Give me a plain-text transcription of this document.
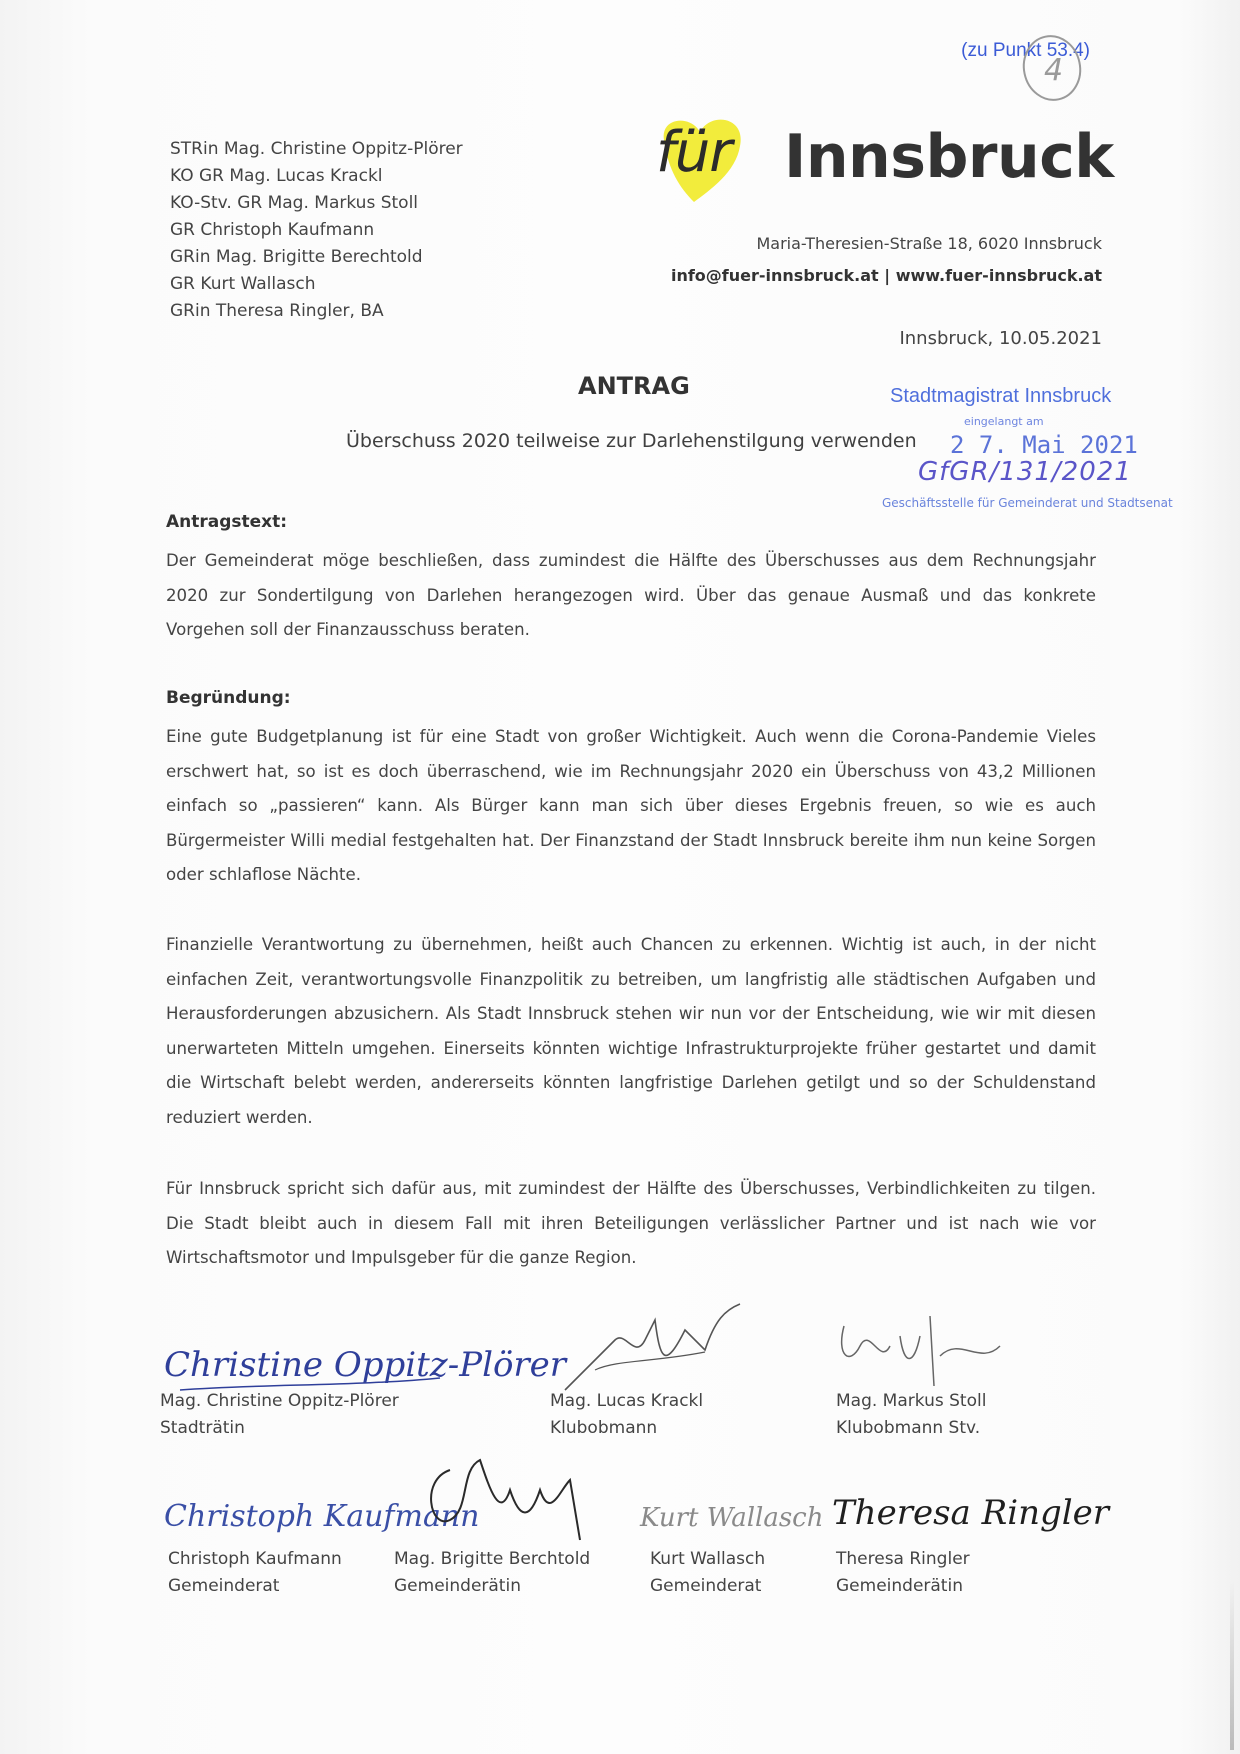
(zu Punkt 53.4)
4
STRin Mag. Christine Oppitz-Plörer
KO GR Mag. Lucas Krackl
KO-Stv. GR Mag. Markus Stoll
GR Christoph Kaufmann
GRin Mag. Brigitte Berechtold
GR Kurt Wallasch
GRin Theresa Ringler, BA
für Innsbruck
Maria-Theresien-Straße 18, 6020 Innsbruck
info@fuer-innsbruck.at | www.fuer-innsbruck.at
Innsbruck, 10.05.2021
ANTRAG
Überschuss 2020 teilweise zur Darlehenstilgung verwenden
Stadtmagistrat Innsbruck
eingelangt am
2 7. Mai 2021
GfGR/131/2021
Geschäftsstelle für Gemeinderat und Stadtsenat
Antragstext:
Der Gemeinderat möge beschließen, dass zumindest die Hälfte des Überschusses aus dem Rechnungsjahr 2020 zur Sondertilgung von Darlehen herangezogen wird. Über das genaue Ausmaß und das konkrete Vorgehen soll der Finanzausschuss beraten.
Begründung:
Eine gute Budgetplanung ist für eine Stadt von großer Wichtigkeit. Auch wenn die Corona-Pandemie Vieles erschwert hat, so ist es doch überraschend, wie im Rechnungsjahr 2020 ein Überschuss von 43,2 Millionen einfach so „passieren“ kann. Als Bürger kann man sich über dieses Ergebnis freuen, so wie es auch Bürgermeister Willi medial festgehalten hat. Der Finanzstand der Stadt Innsbruck bereite ihm nun keine Sorgen oder schlaflose Nächte.
Finanzielle Verantwortung zu übernehmen, heißt auch Chancen zu erkennen. Wichtig ist auch, in der nicht einfachen Zeit, verantwortungsvolle Finanzpolitik zu betreiben, um langfristig alle städtischen Aufgaben und Herausforderungen abzusichern. Als Stadt Innsbruck stehen wir nun vor der Entscheidung, wie wir mit diesen unerwarteten Mitteln umgehen. Einerseits könnten wichtige Infrastrukturprojekte früher gestartet und damit die Wirtschaft belebt werden, andererseits könnten langfristige Darlehen getilgt und so der Schuldenstand reduziert werden.
Für Innsbruck spricht sich dafür aus, mit zumindest der Hälfte des Überschusses, Verbindlichkeiten zu tilgen. Die Stadt bleibt auch in diesem Fall mit ihren Beteiligungen verlässlicher Partner und ist nach wie vor Wirtschaftsmotor und Impulsgeber für die ganze Region.
Christine Oppitz-Plörer
Mag. Christine Oppitz-Plörer
Stadträtin
Mag. Lucas Krackl
Klubobmann
Mag. Markus Stoll
Klubobmann Stv.
Christoph Kaufmann
Christoph Kaufmann
Gemeinderat
Mag. Brigitte Berchtold
Gemeinderätin
Kurt Wallasch
Kurt Wallasch
Gemeinderat
Theresa Ringler
Theresa Ringler
Gemeinderätin
